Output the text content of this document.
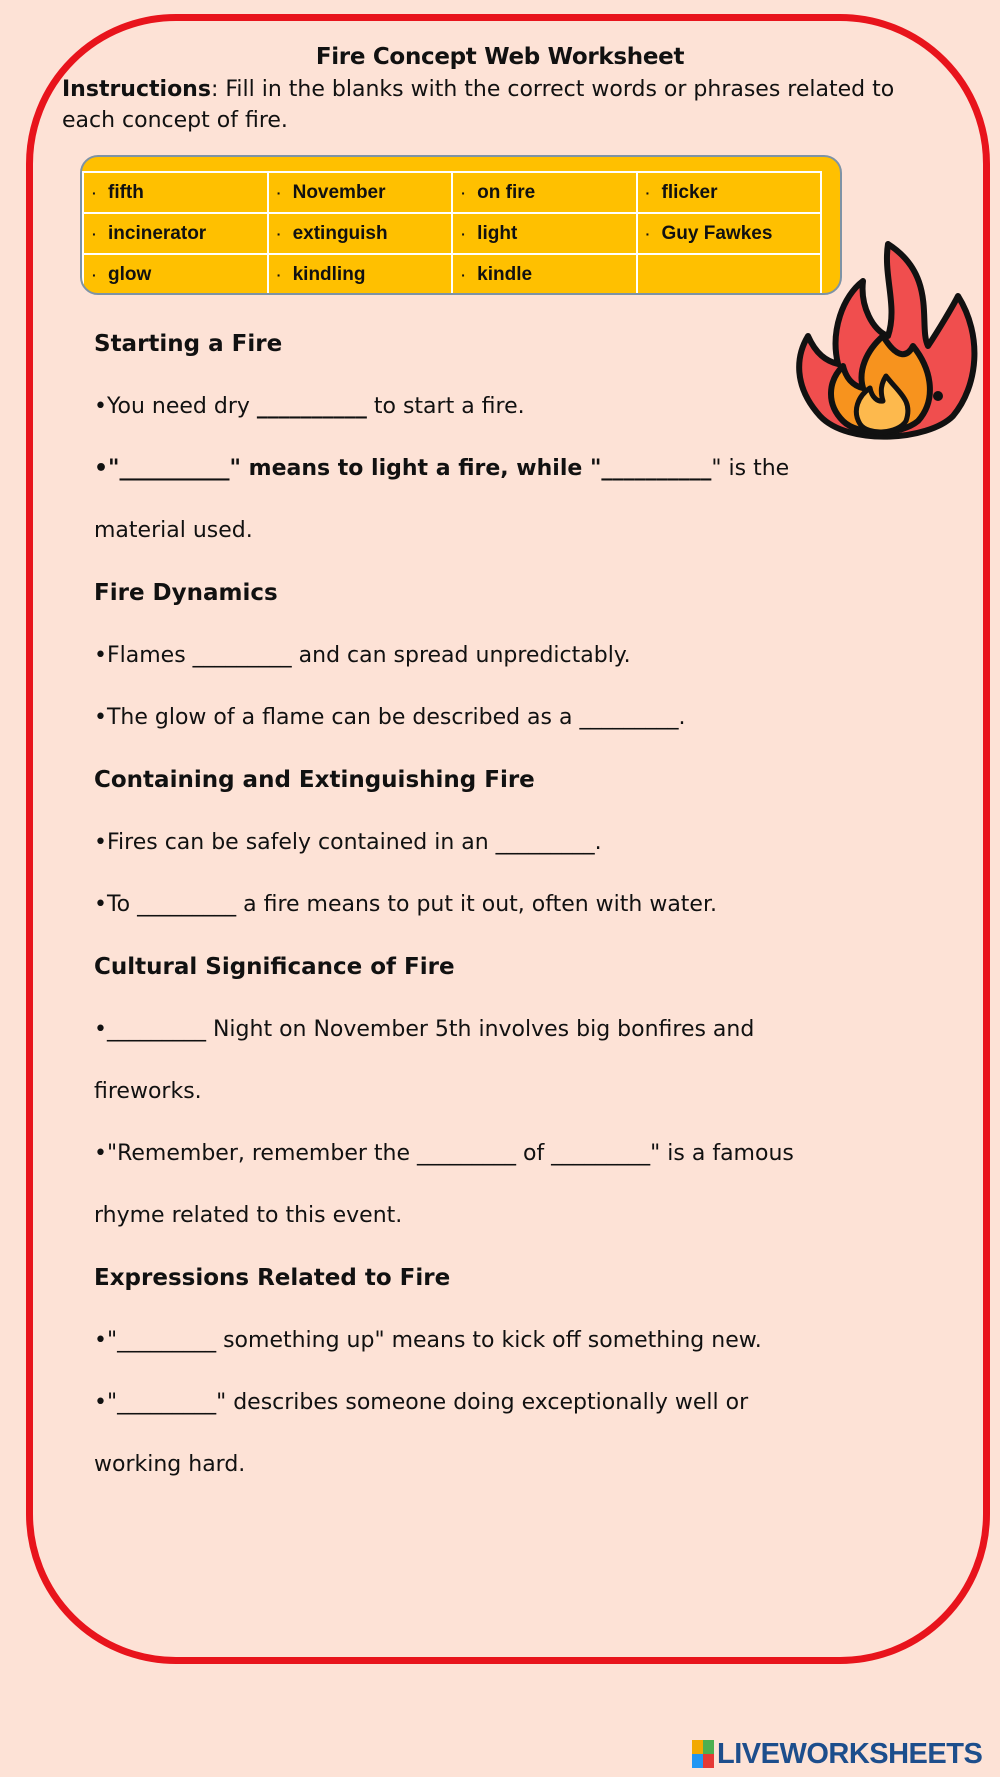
Fire Concept Web Worksheet
Instructions: Fill in the blanks with the correct words or phrases related to each concept of fire.
· fifth	· November	· on fire	· flicker
· incinerator	· extinguish	· light	· Guy Fawkes
· glow	· kindling	· kindle	
Starting a Fire
•You need dry __________ to start a fire.
•"__________" means to light a fire, while "__________" is the
material used.
Fire Dynamics
•Flames _________ and can spread unpredictably.
•The glow of a flame can be described as a _________.
Containing and Extinguishing Fire
•Fires can be safely contained in an _________.
•To _________ a fire means to put it out, often with water.
Cultural Significance of Fire
•_________ Night on November 5th involves big bonfires and
fireworks.
•"Remember, remember the _________ of _________" is a famous
rhyme related to this event.
Expressions Related to Fire
•"_________ something up" means to kick off something new.
•"_________" describes someone doing exceptionally well or
working hard.
LIVEWORKSHEETS
